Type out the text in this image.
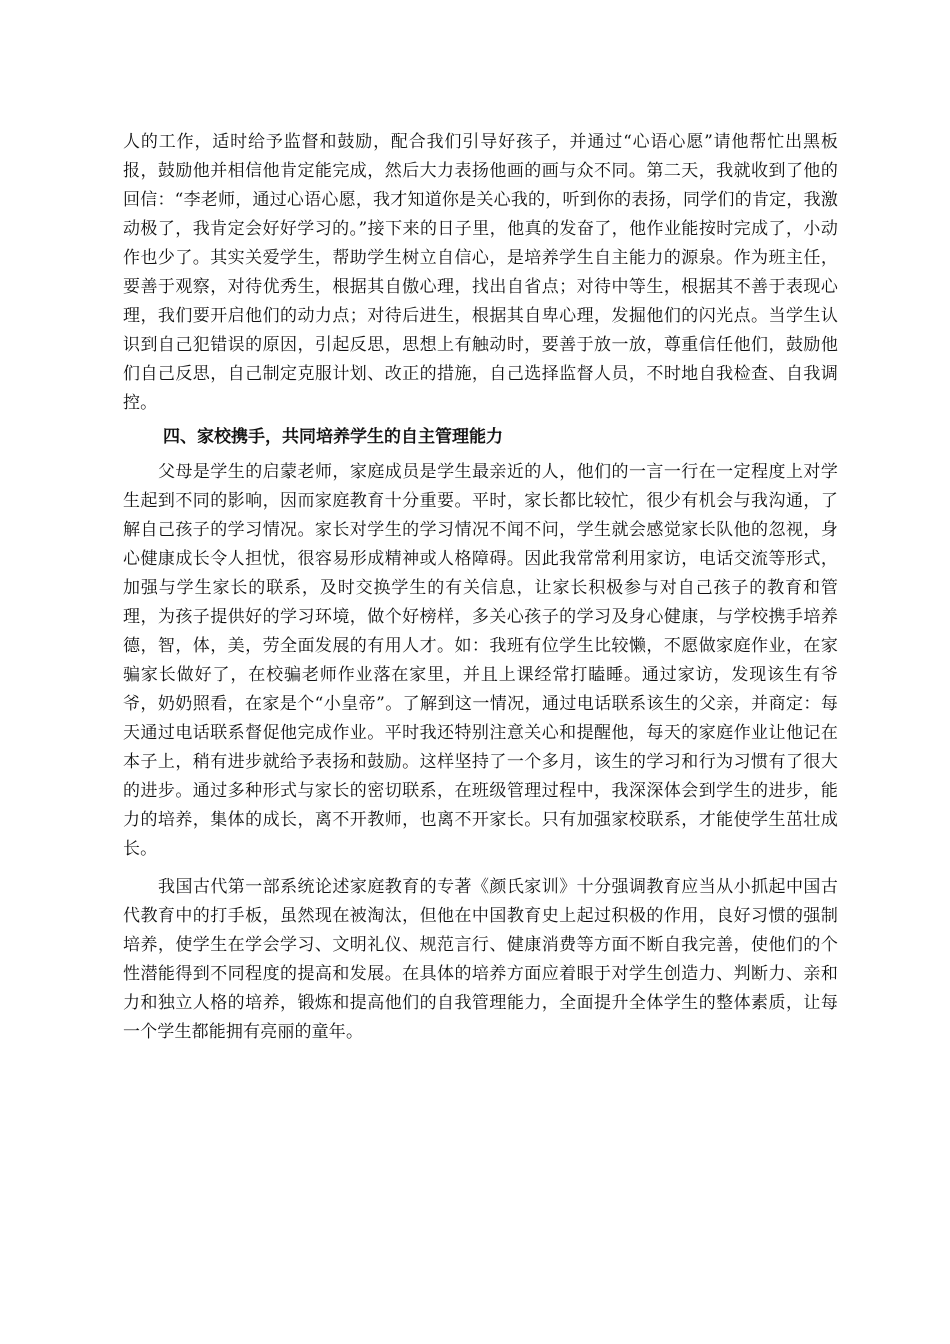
人的工作，适时给予监督和鼓励，配合我们引导好孩子，并通过“心语心愿”请他帮忙出黑板报，鼓励他并相信他肯定能完成，然后大力表扬他画的画与众不同。第二天，我就收到了他的回信：“李老师，通过心语心愿，我才知道你是关心我的，听到你的表扬，同学们的肯定，我激动极了，我肯定会好好学习的。”接下来的日子里，他真的发奋了，他作业能按时完成了，小动作也少了。其实关爱学生，帮助学生树立自信心，是培养学生自主能力的源泉。作为班主任，要善于观察，对待优秀生，根据其自傲心理，找出自省点；对待中等生，根据其不善于表现心理，我们要开启他们的动力点；对待后进生，根据其自卑心理，发掘他们的闪光点。当学生认识到自己犯错误的原因，引起反思，思想上有触动时，要善于放一放，尊重信任他们，鼓励他们自己反思，自己制定克服计划、改正的措施，自己选择监督人员，不时地自我检查、自我调控。

四、家校携手，共同培养学生的自主管理能力

父母是学生的启蒙老师，家庭成员是学生最亲近的人，他们的一言一行在一定程度上对学生起到不同的影响，因而家庭教育十分重要。平时，家长都比较忙，很少有机会与我沟通，了解自己孩子的学习情况。家长对学生的学习情况不闻不问，学生就会感觉家长队他的忽视，身心健康成长令人担忧，很容易形成精神或人格障碍。因此我常常利用家访，电话交流等形式，加强与学生家长的联系，及时交换学生的有关信息，让家长积极参与对自己孩子的教育和管理，为孩子提供好的学习环境，做个好榜样，多关心孩子的学习及身心健康，与学校携手培养德，智，体，美，劳全面发展的有用人才。如：我班有位学生比较懒，不愿做家庭作业，在家骗家长做好了，在校骗老师作业落在家里，并且上课经常打瞌睡。通过家访，发现该生有爷爷，奶奶照看，在家是个“小皇帝”。了解到这一情况，通过电话联系该生的父亲，并商定：每天通过电话联系督促他完成作业。平时我还特别注意关心和提醒他，每天的家庭作业让他记在本子上，稍有进步就给予表扬和鼓励。这样坚持了一个多月，该生的学习和行为习惯有了很大的进步。通过多种形式与家长的密切联系，在班级管理过程中，我深深体会到学生的进步，能力的培养，集体的成长，离不开教师，也离不开家长。只有加强家校联系，才能使学生茁壮成长。

我国古代第一部系统论述家庭教育的专著《颜氏家训》十分强调教育应当从小抓起中国古代教育中的打手板，虽然现在被淘汰，但他在中国教育史上起过积极的作用，良好习惯的强制培养，使学生在学会学习、文明礼仪、规范言行、健康消费等方面不断自我完善，使他们的个性潜能得到不同程度的提高和发展。在具体的培养方面应着眼于对学生创造力、判断力、亲和力和独立人格的培养，锻炼和提高他们的自我管理能力，全面提升全体学生的整体素质，让每一个学生都能拥有亮丽的童年。
